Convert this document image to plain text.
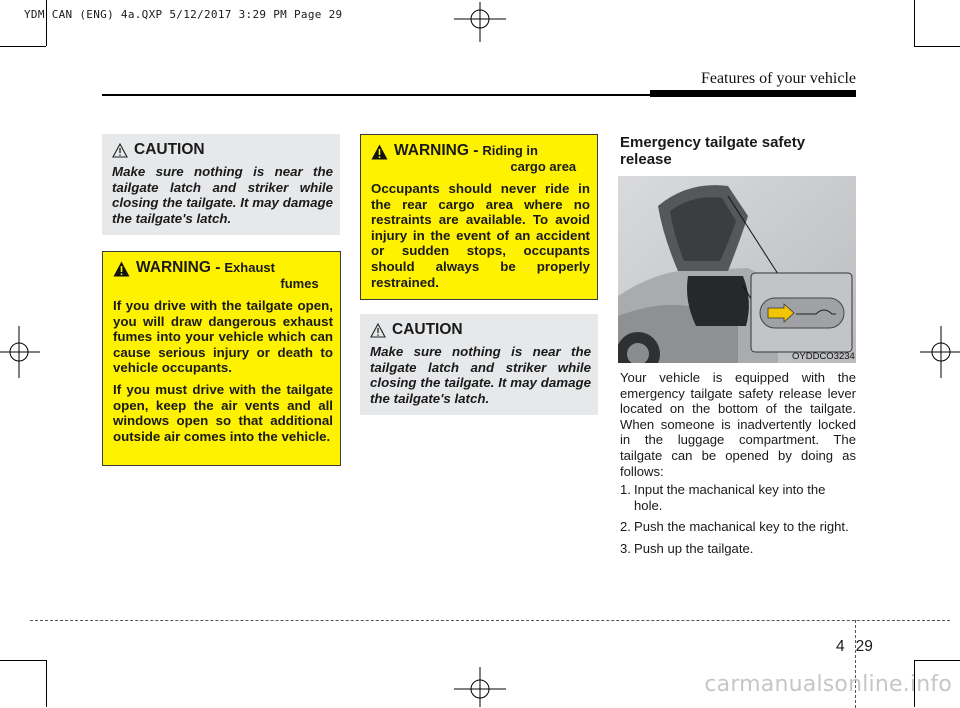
YDM CAN (ENG) 4a.QXP 5/12/2017 3:29 PM Page 29
Features of your vehicle
CAUTION

Make sure nothing is near the tailgate latch and striker while closing the tailgate. It may damage the tailgate's latch.

WARNING - Exhaust
fumes

If you drive with the tailgate open, you will draw dangerous exhaust fumes into your vehicle which can cause serious injury or death to vehicle occupants.

If you must drive with the tailgate open, keep the air vents and all windows open so that additional outside air comes into the vehicle.

WARNING - Riding in
cargo area

Occupants should never ride in the rear cargo area where no restraints are available. To avoid injury in the event of an accident or sudden stops, occupants should always be properly restrained.

CAUTION

Make sure nothing is near the tailgate latch and striker while closing the tailgate. It may damage the tailgate's latch.

Emergency tailgate safety release
OYDDCO3234

Your vehicle is equipped with the emergency tailgate safety release lever located on the bottom of the tailgate. When someone is inadvertently locked in the luggage compartment. The tailgate can be opened by doing as follows:

1. Input the machanical key into the hole.
2. Push the machanical key to the right.
3. Push up the tailgate.
4 29
carmanualsonline.info
